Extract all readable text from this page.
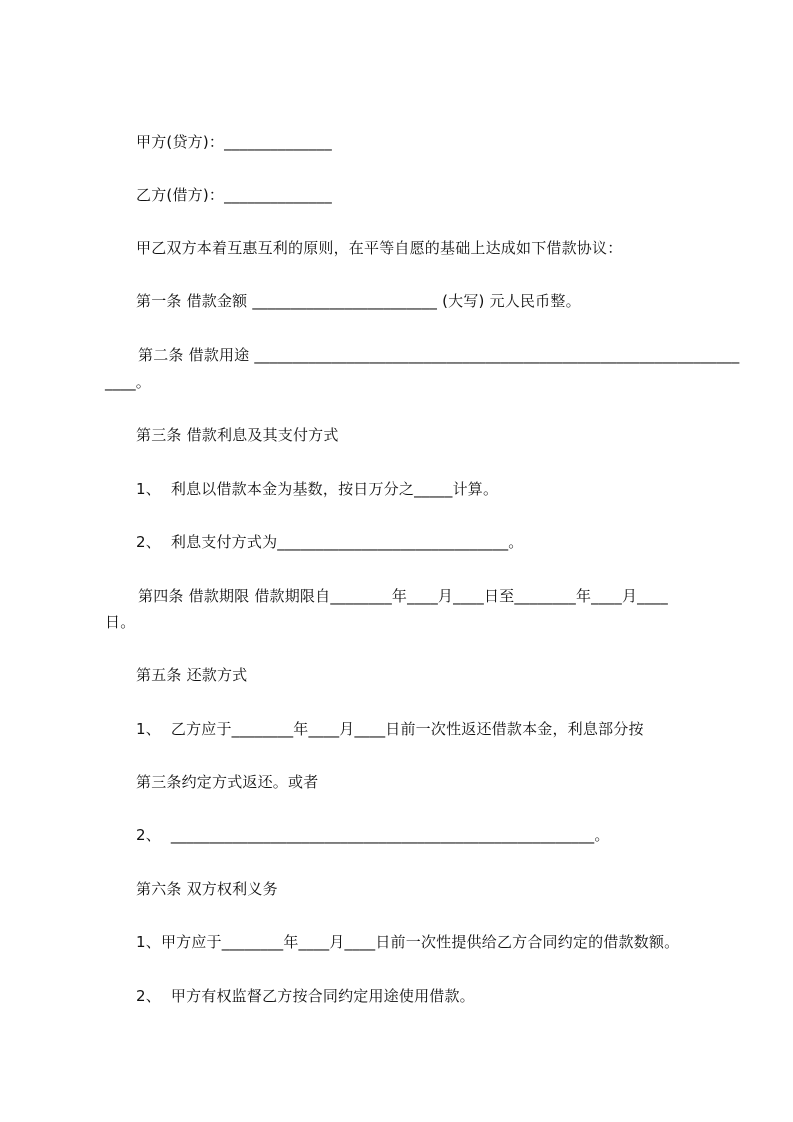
甲方(贷方)：______________
乙方(借方)：______________
甲乙双方本着互惠互利的原则，在平等自愿的基础上达成如下借款协议：
第一条 借款金额 ________________________ (大写) 元人民币整。
第二条 借款用途 _______________________________________________________________
____。
第三条 借款利息及其支付方式
1、  利息以借款本金为基数，按日万分之_____计算。
2、  利息支付方式为______________________________。
第四条 借款期限 借款期限自________年____月____日至________年____月____
日。
第五条 还款方式
1、  乙方应于________年____月____日前一次性返还借款本金，利息部分按
第三条约定方式返还。或者
2、  _______________________________________________________。
第六条 双方权利义务
1、甲方应于________年____月____日前一次性提供给乙方合同约定的借款数额。
2、  甲方有权监督乙方按合同约定用途使用借款。
